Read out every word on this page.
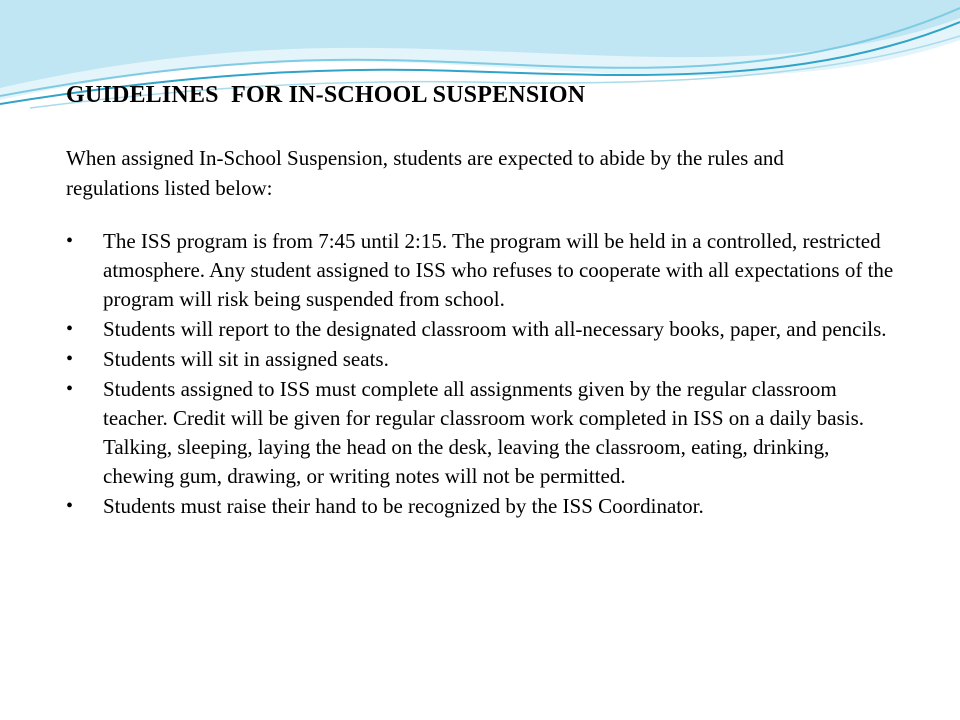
GUIDELINES  FOR IN-SCHOOL SUSPENSION

When assigned In-School Suspension, students are expected to abide by the rules and regulations listed below:

• The ISS program is from 7:45 until 2:15. The program will be held in a controlled, restricted atmosphere. Any student assigned to ISS who refuses to cooperate with all expectations of the program will risk being suspended from school.
• Students will report to the designated classroom with all-necessary books, paper, and pencils.
• Students will sit in assigned seats.
• Students assigned to ISS must complete all assignments given by the regular classroom teacher. Credit will be given for regular classroom work completed in ISS on a daily basis. Talking, sleeping, laying the head on the desk, leaving the classroom, eating, drinking, chewing gum, drawing, or writing notes will not be permitted.
• Students must raise their hand to be recognized by the ISS Coordinator.
